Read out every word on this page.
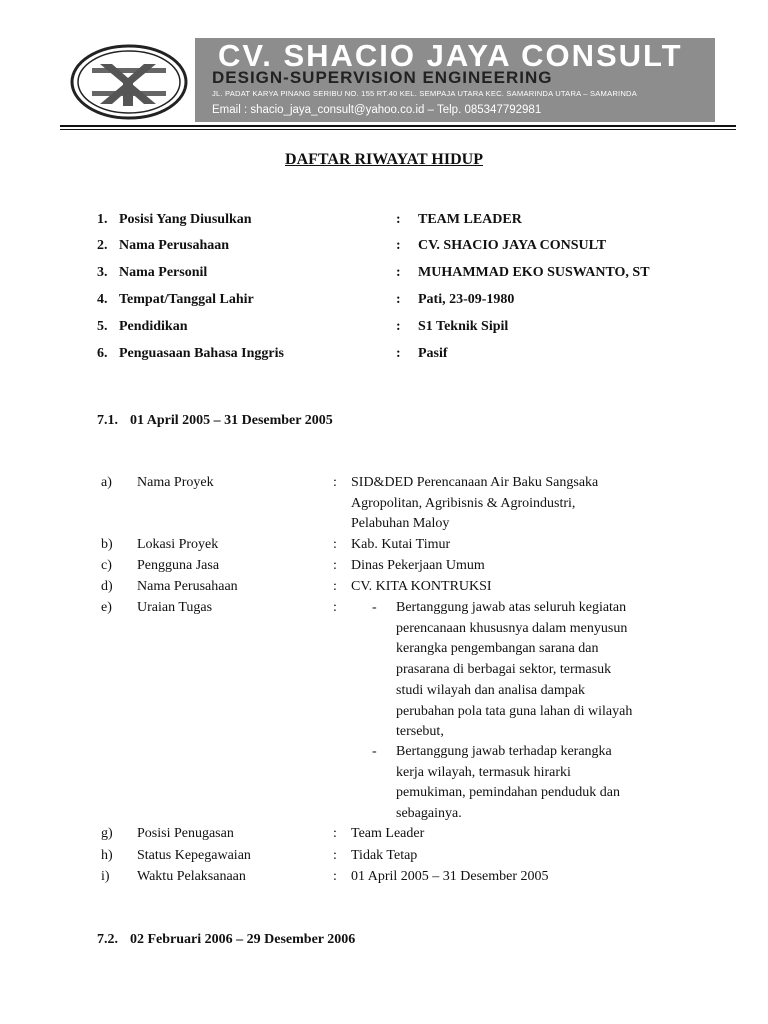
CV. SHACIO JAYA CONSULT
DESIGN-SUPERVISION ENGINEERING
JL. PADAT KARYA PINANG SERIBU NO. 155 RT.40 KEL. SEMPAJA UTARA KEC. SAMARINDA UTARA – SAMARINDA
Email : shacio_jaya_consult@yahoo.co.id – Telp. 085347792981
DAFTAR RIWAYAT HIDUP
1. Posisi Yang Diusulkan	: TEAM LEADER
2. Nama Perusahaan	: CV. SHACIO JAYA CONSULT
3. Nama Personil	: MUHAMMAD EKO SUSWANTO, ST
4. Tempat/Tanggal Lahir	: Pati, 23-09-1980
5. Pendidikan	: S1 Teknik Sipil
6. Penguasaan Bahasa Inggris	: Pasif
7.1. 01 April 2005 – 31 Desember 2005
a) Nama Proyek	: SID&DED Perencanaan Air Baku Sangsaka
Agropolitan, Agribisnis & Agroindustri,
Pelabuhan Maloy
b) Lokasi Proyek	: Kab. Kutai Timur
c) Pengguna Jasa	: Dinas Pekerjaan Umum
d) Nama Perusahaan	: CV. KITA KONTRUKSI
e) Uraian Tugas	:	- Bertanggung jawab atas seluruh kegiatan
perencanaan khususnya dalam menyusun
kerangka pengembangan sarana dan
prasarana di berbagai sektor, termasuk
studi wilayah dan analisa dampak
perubahan pola tata guna lahan di wilayah
tersebut,
- Bertanggung jawab terhadap kerangka
kerja wilayah, termasuk hirarki
pemukiman, pemindahan penduduk dan
sebagainya.
g) Posisi Penugasan	: Team Leader
h) Status Kepegawaian	: Tidak Tetap
i) Waktu Pelaksanaan	: 01 April 2005 – 31 Desember 2005
7.2. 02 Februari 2006 – 29 Desember 2006
